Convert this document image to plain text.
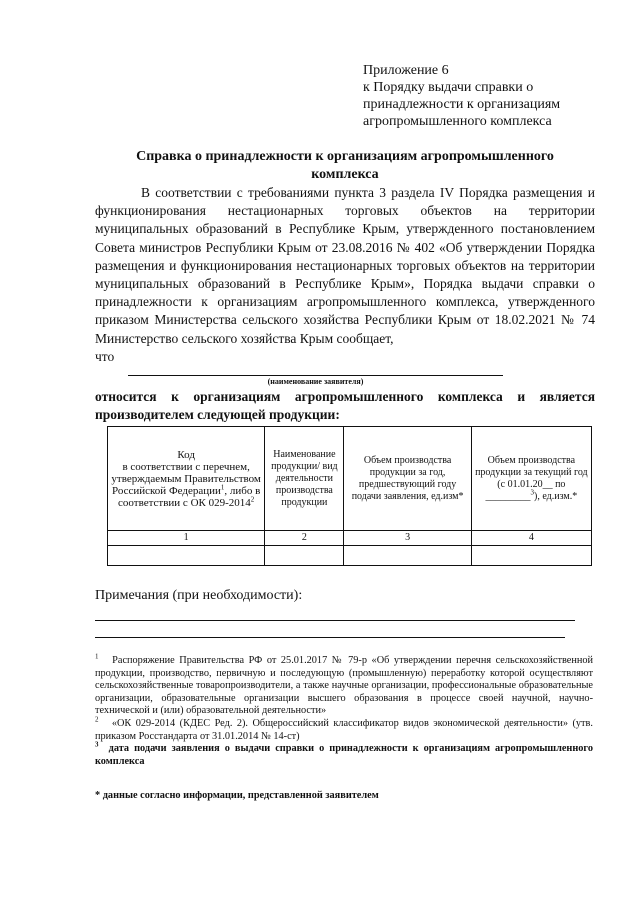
Приложение 6
к Порядку выдачи справки о
принадлежности к организациям
агропромышленного комплекса
Справка о принадлежности к организациям агропромышленного
комплекса
В соответствии с требованиями пункта 3 раздела IV Порядка размещения и функционирования нестационарных торговых объектов на территории муниципальных образований в Республике Крым, утвержденного постановлением Совета министров Республики Крым от 23.08.2016 № 402 «Об утверждении Порядка размещения и функционирования нестационарных торговых объектов на территории муниципальных образований в Республике Крым», Порядка выдачи справки о принадлежности к организациям агропромышленного комплекса, утвержденного приказом Министерства сельского хозяйства Республики Крым от 18.02.2021 № 74 Министерство сельского хозяйства Крым сообщает,
что
(наименование заявителя)
относится к организациям агропромышленного комплекса и является производителем следующей продукции:
Код
в соответствии с перечнем, утверждаемым Правительством Российской Федерации$^1$, либо в соответствии с ОК 029-2014$^2$	Наименование продукции/ вид деятельности производства продукции	Объем производства продукции за год, предшествующий году подачи заявления, ед.изм*	Объем производства продукции за текущий год (с 01.01.20__ по _________$^3$), ед.изм.*
1	2	3	4

Примечания (при необходимости):

$^1$ Распоряжение Правительства РФ от 25.01.2017 № 79-р «Об утверждении перечня сельскохозяйственной продукции, производство, первичную и последующую (промышленную) переработку которой осуществляют сельскохозяйственные товаропроизводители, а также научные организации, профессиональные образовательные организации, образовательные организации высшего образования в процессе своей научной, научно-технической и (или) образовательной деятельности»

$^2$ «ОК 029-2014 (КДЕС Ред. 2). Общероссийский классификатор видов экономической деятельности» (утв. приказом Росстандарта от 31.01.2014 № 14-ст)

$^3$ дата подачи заявления о выдачи справки о принадлежности к организациям агропромышленного комплекса

* данные согласно информации, представленной заявителем
